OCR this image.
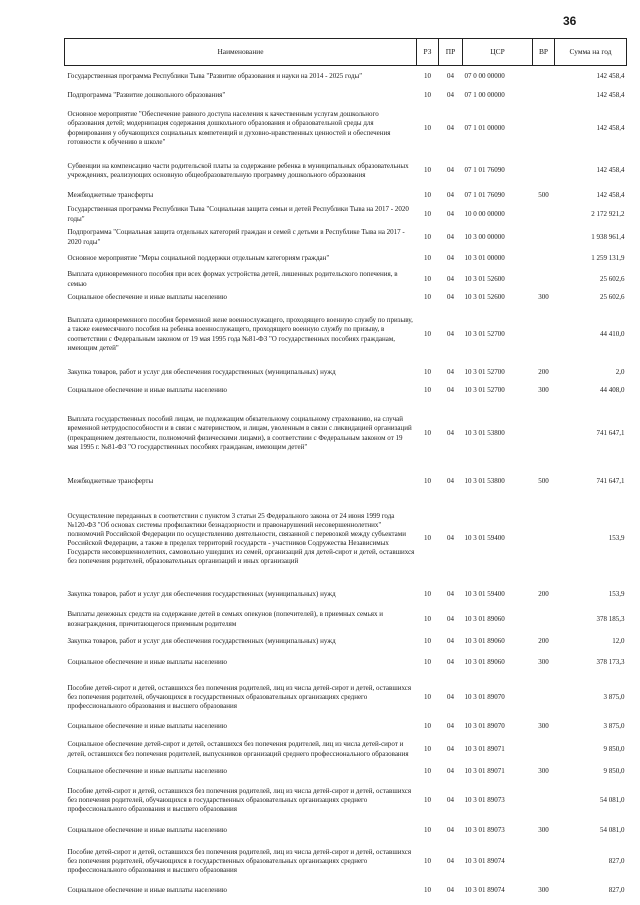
36
Наименование	РЗ	ПР	ЦСР	ВР	Сумма на год
Государственная программа Республики Тыва "Развитие образования и науки на 2014 - 2025 годы"	10	04	07 0 00 00000		142 458,4
Подпрограмма "Развитие дошкольного образования"	10	04	07 1 00 00000		142 458,4
Основное мероприятие "Обеспечение равного доступа населения к качественным услугам дошкольного образования детей; модернизация содержания дошкольного образования и образовательной среды для формирования у обучающихся социальных компетенций и духовно-нравственных ценностей и обеспечения готовности к обучению в школе"	10	04	07 1 01 00000		142 458,4
Субвенции на компенсацию части родительской платы за содержание ребенка в муниципальных образовательных учреждениях, реализующих основную общеобразовательную программу дошкольного образования	10	04	07 1 01 76090		142 458,4
Межбюджетные трансферты	10	04	07 1 01 76090	500	142 458,4
Государственная программа Республики Тыва "Социальная защита семьи и детей Республики Тыва на 2017 - 2020 годы"	10	04	10 0 00 00000		2 172 921,2
Подпрограмма "Социальная защита отдельных категорий граждан и семей с детьми в Республике Тыва на 2017 - 2020 годы"	10	04	10 3 00 00000		1 938 961,4
Основное мероприятие "Меры социальной поддержки отдельным категориям граждан"	10	04	10 3 01 00000		1 259 131,9
Выплата единовременного пособия при всех формах устройства детей, лишенных родительского попечения, в семью	10	04	10 3 01 52600		25 602,6
Социальное обеспечение и иные выплаты населению	10	04	10 3 01 52600	300	25 602,6
Выплата единовременного пособия беременной жене военнослужащего, проходящего военную службу по призыву, а также ежемесячного пособия на ребенка военнослужащего, проходящего военную службу по призыву, в соответствии с Федеральным законом от 19 мая 1995 года №81-ФЗ "О государственных пособиях гражданам, имеющим детей"	10	04	10 3 01 52700		44 410,0
Закупка товаров, работ и услуг для обеспечения государственных (муниципальных) нужд	10	04	10 3 01 52700	200	2,0
Социальное обеспечение и иные выплаты населению	10	04	10 3 01 52700	300	44 408,0
Выплата государственных пособий лицам, не подлежащим обязательному социальному страхованию, на случай временной нетрудоспособности и в связи с материнством, и лицам, уволенным в связи с ликвидацией организаций (прекращением деятельности, полномочий физическими лицами), в соответствии с Федеральным законом от 19 мая 1995 г. №81-ФЗ "О государственных пособиях гражданам, имеющим детей"	10	04	10 3 01 53800		741 647,1
Межбюджетные трансферты	10	04	10 3 01 53800	500	741 647,1
Осуществление переданных в соответствии с пунктом 3 статьи 25 Федерального закона от 24 июня 1999 года №120-ФЗ "Об основах системы профилактики безнадзорности и правонарушений несовершеннолетних" полномочий Российской Федерации по осуществлению деятельности, связанной с перевозкой между субъектами Российской Федерации, а также в пределах территорий государств - участников Содружества Независимых Государств несовершеннолетних, самовольно ушедших из семей, организаций для детей-сирот и детей, оставшихся без попечения родителей, образовательных организаций и иных организаций	10	04	10 3 01 59400		153,9
Закупка товаров, работ и услуг для обеспечения государственных (муниципальных) нужд	10	04	10 3 01 59400	200	153,9
Выплаты денежных средств на содержание детей в семьях опекунов (попечителей), в приемных семьях и вознаграждения, причитающегося приемным родителям	10	04	10 3 01 89060		378 185,3
Закупка товаров, работ и услуг для обеспечения государственных (муниципальных) нужд	10	04	10 3 01 89060	200	12,0
Социальное обеспечение и иные выплаты населению	10	04	10 3 01 89060	300	378 173,3
Пособие детей-сирот и детей, оставшихся без попечения родителей, лиц из числа детей-сирот и детей, оставшихся без попечения родителей, обучающихся в государственных образовательных организациях среднего профессионального образования и высшего образования	10	04	10 3 01 89070		3 875,0
Социальное обеспечение и иные выплаты населению	10	04	10 3 01 89070	300	3 875,0
Социальное обеспечение детей-сирот и детей, оставшихся без попечения родителей, лиц из числа детей-сирот и детей, оставшихся без попечения родителей, выпускников организаций среднего профессионального образования	10	04	10 3 01 89071		9 850,0
Социальное обеспечение и иные выплаты населению	10	04	10 3 01 89071	300	9 850,0
Пособие детей-сирот и детей, оставшихся без попечения родителей, лиц из числа детей-сирот и детей, оставшихся без попечения родителей, обучающихся в государственных образовательных организациях среднего профессионального образования и высшего образования	10	04	10 3 01 89073		54 081,0
Социальное обеспечение и иные выплаты населению	10	04	10 3 01 89073	300	54 081,0
Пособие детей-сирот и детей, оставшихся без попечения родителей, лиц из числа детей-сирот и детей, оставшихся без попечения родителей, обучающихся в государственных образовательных организациях среднего профессионального образования и высшего образования	10	04	10 3 01 89074		827,0
Социальное обеспечение и иные выплаты населению	10	04	10 3 01 89074	300	827,0
